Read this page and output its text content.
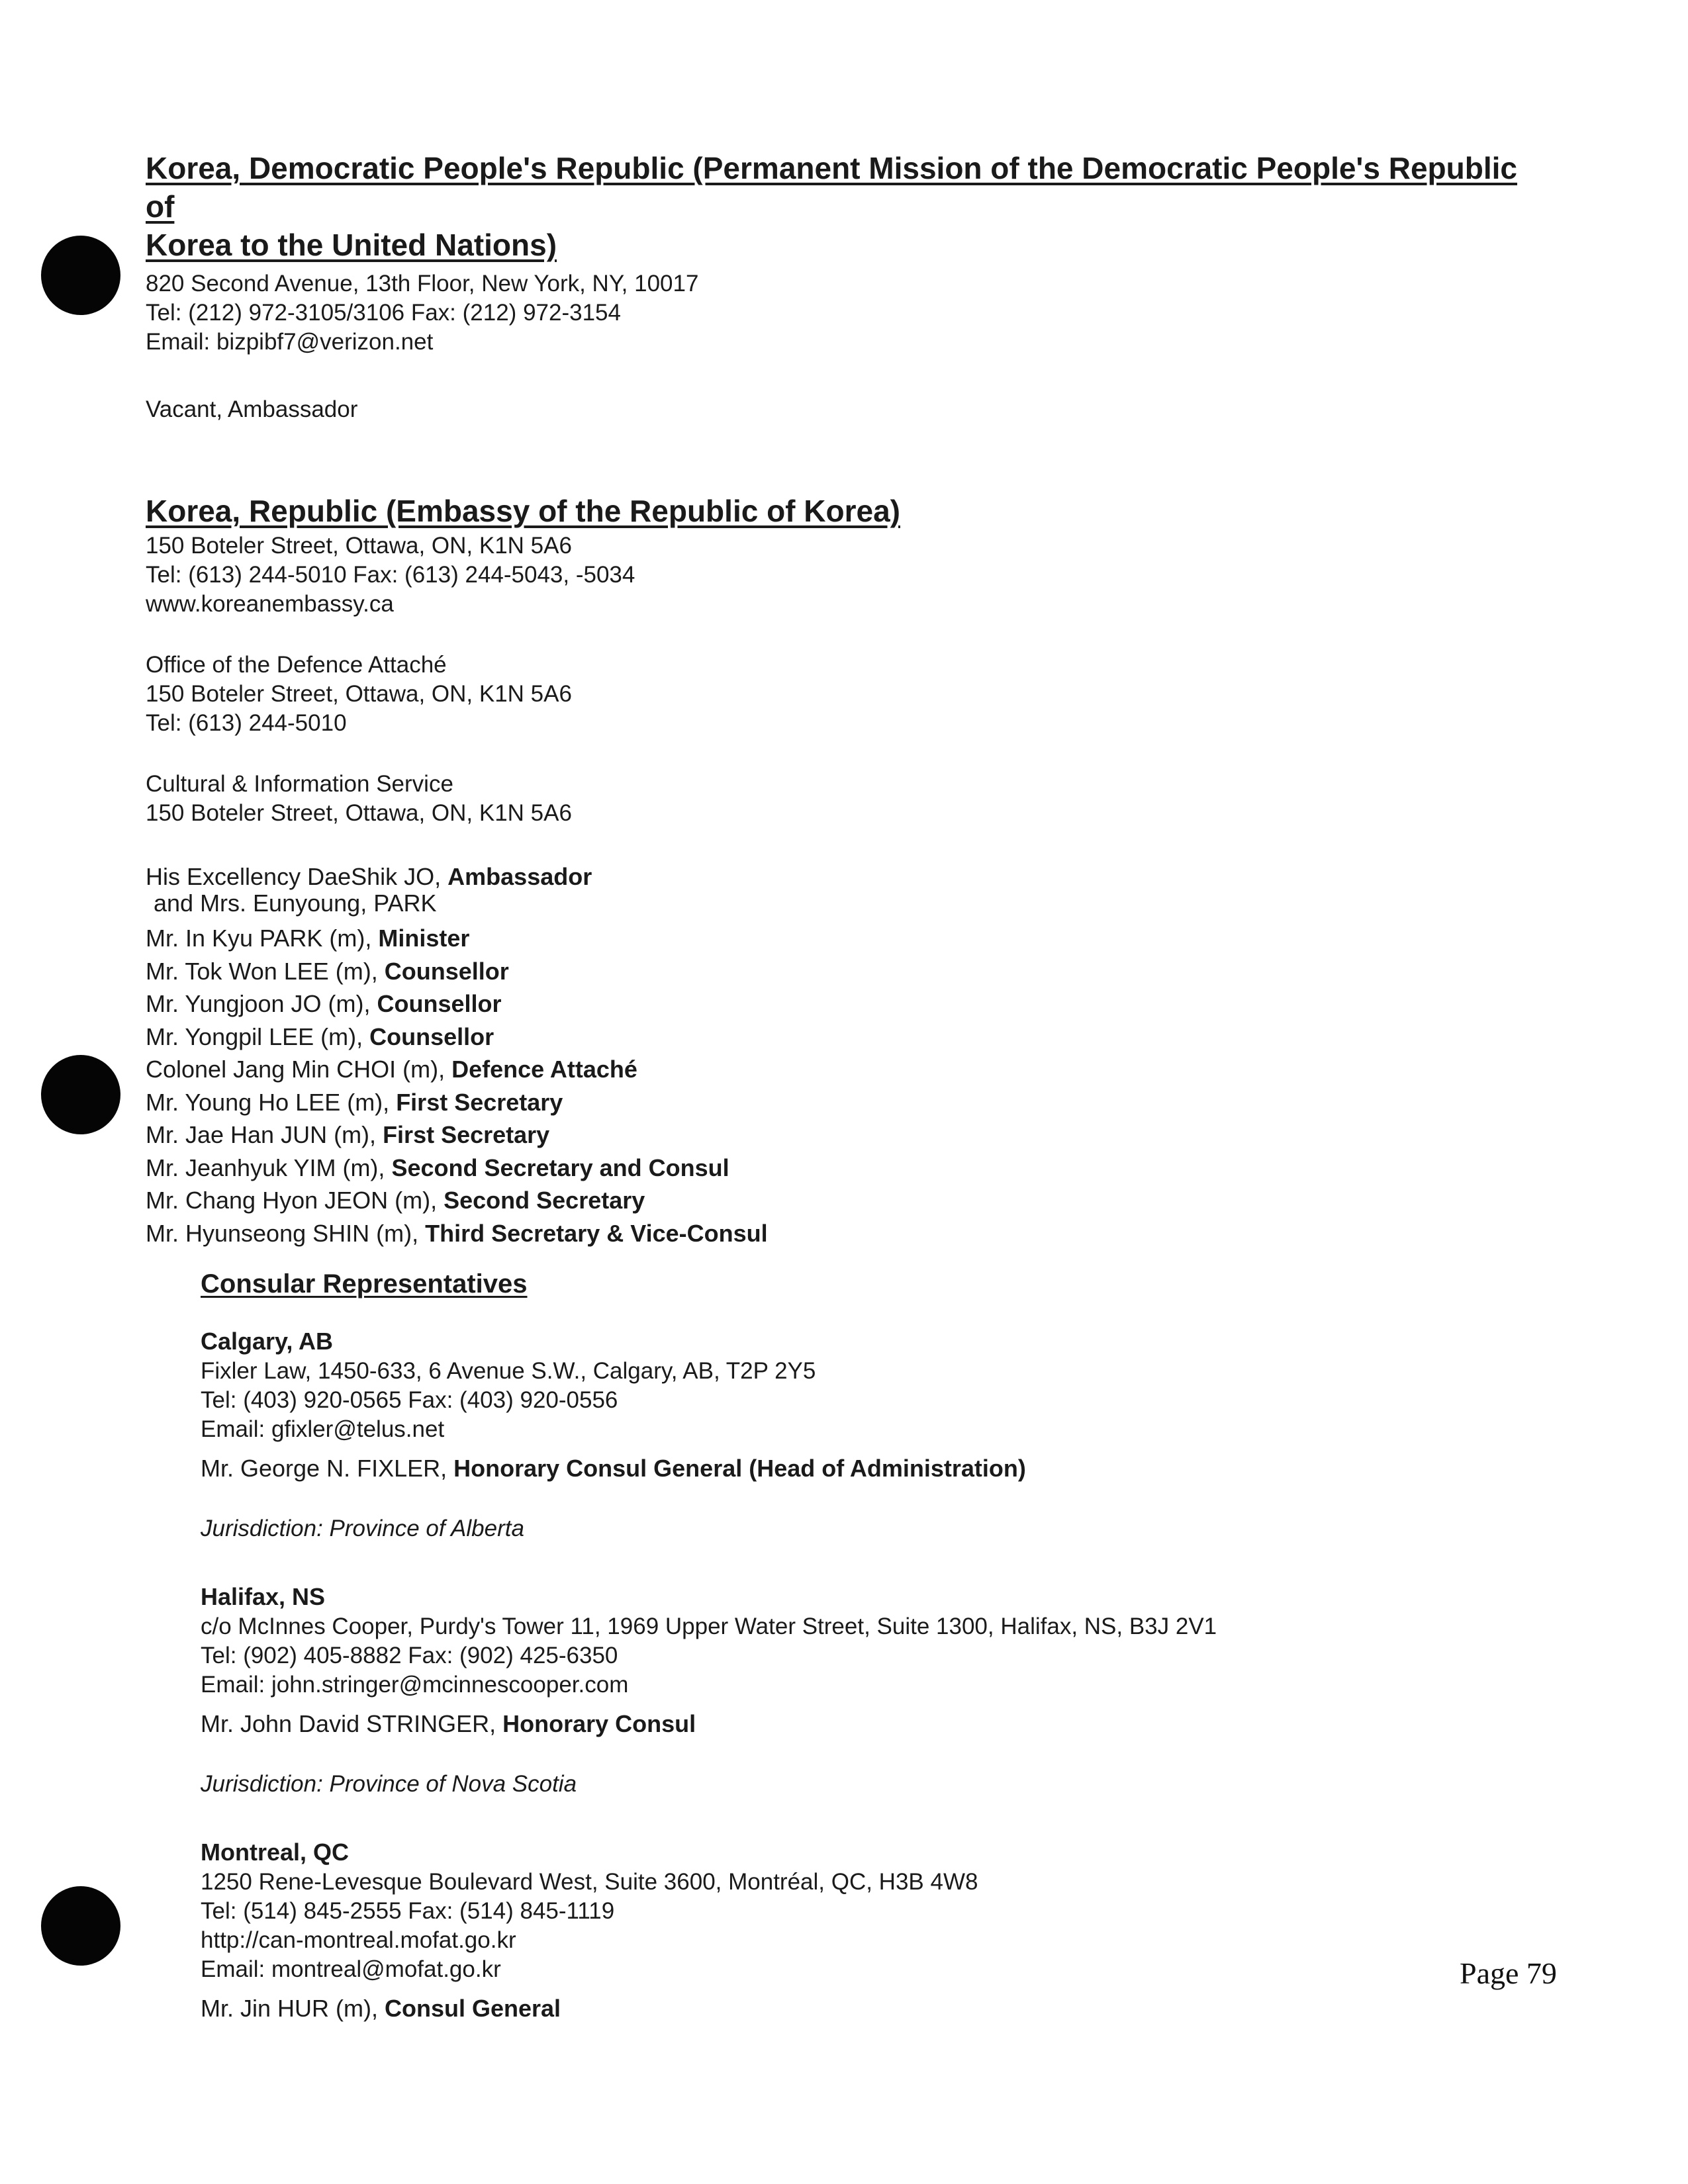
Korea, Democratic People's Republic (Permanent Mission of the Democratic People's Republic of
Korea to the United Nations)

820 Second Avenue, 13th Floor, New York, NY, 10017

Tel: (212) 972-3105/3106 Fax: (212) 972-3154

Email: bizpibf7@verizon.net

Vacant, Ambassador

Korea, Republic (Embassy of the Republic of Korea)

150 Boteler Street, Ottawa, ON, K1N 5A6

Tel: (613) 244-5010 Fax: (613) 244-5043, -5034

www.koreanembassy.ca

Office of the Defence Attaché

150 Boteler Street, Ottawa, ON, K1N 5A6

Tel: (613) 244-5010

Cultural & Information Service

150 Boteler Street, Ottawa, ON, K1N 5A6

His Excellency DaeShik JO, Ambassador

and Mrs. Eunyoung, PARK

Mr. In Kyu PARK (m), Minister

Mr. Tok Won LEE (m), Counsellor

Mr. Yungjoon JO (m), Counsellor

Mr. Yongpil LEE (m), Counsellor

Colonel Jang Min CHOI (m), Defence Attaché

Mr. Young Ho LEE (m), First Secretary

Mr. Jae Han JUN (m), First Secretary

Mr. Jeanhyuk YIM (m), Second Secretary and Consul

Mr. Chang Hyon JEON (m), Second Secretary

Mr. Hyunseong SHIN (m), Third Secretary & Vice-Consul

Consular Representatives

Calgary, AB

Fixler Law, 1450-633, 6 Avenue S.W., Calgary, AB, T2P 2Y5

Tel: (403) 920-0565 Fax: (403) 920-0556

Email: gfixler@telus.net

Mr. George N. FIXLER, Honorary Consul General (Head of Administration)

Jurisdiction: Province of Alberta

Halifax, NS

c/o McInnes Cooper, Purdy's Tower 11, 1969 Upper Water Street, Suite 1300, Halifax, NS, B3J 2V1

Tel: (902) 405-8882 Fax: (902) 425-6350

Email: john.stringer@mcinnescooper.com

Mr. John David STRINGER, Honorary Consul

Jurisdiction: Province of Nova Scotia

Montreal, QC

1250 Rene-Levesque Boulevard West, Suite 3600, Montréal, QC, H3B 4W8

Tel: (514) 845-2555 Fax: (514) 845-1119

http://can-montreal.mofat.go.kr

Email: montreal@mofat.go.kr

Mr. Jin HUR (m), Consul General

Page 79
